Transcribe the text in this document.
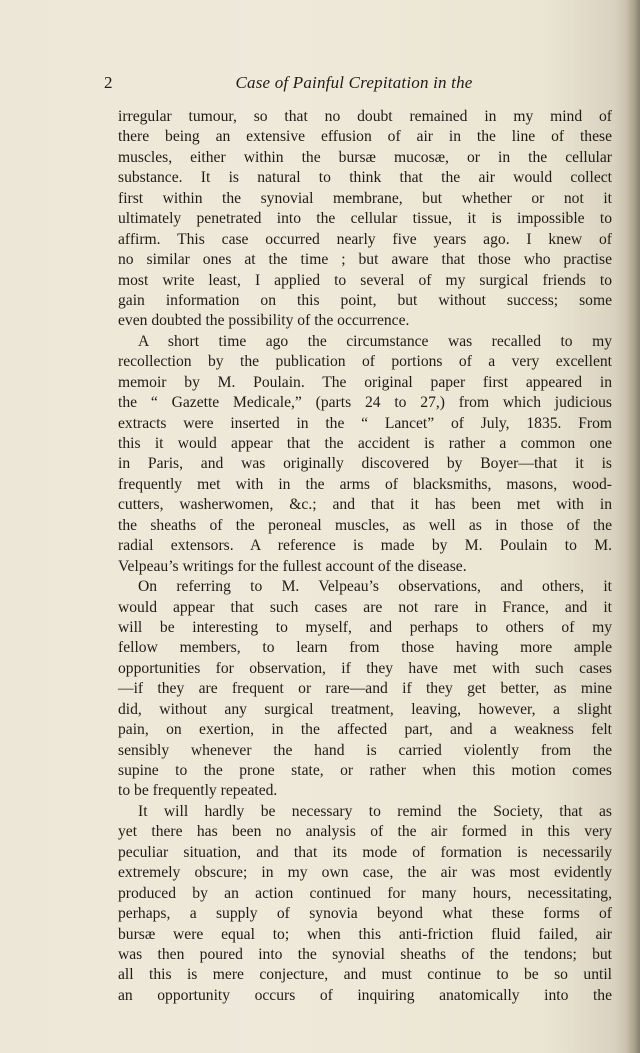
2	Case of Painful Crepitation in the
irregular tumour, so that no doubt remained in my mind of
there being an extensive effusion of air in the line of these
muscles, either within the bursæ mucosæ, or in the cellular
substance. It is natural to think that the air would collect
first within the synovial membrane, but whether or not it
ultimately penetrated into the cellular tissue, it is impossible to
affirm. This case occurred nearly five years ago. I knew of
no similar ones at the time ; but aware that those who practise
most write least, I applied to several of my surgical friends to
gain information on this point, but without success; some
even doubted the possibility of the occurrence.
A short time ago the circumstance was recalled to my
recollection by the publication of portions of a very excellent
memoir by M. Poulain. The original paper first appeared in
the “ Gazette Medicale,” (parts 24 to 27,) from which judicious
extracts were inserted in the “ Lancet” of July, 1835. From
this it would appear that the accident is rather a common one
in Paris, and was originally discovered by Boyer—that it is
frequently met with in the arms of blacksmiths, masons, wood-
cutters, washerwomen, &c.; and that it has been met with in
the sheaths of the peroneal muscles, as well as in those of the
radial extensors. A reference is made by M. Poulain to M.
Velpeau’s writings for the fullest account of the disease.
On referring to M. Velpeau’s observations, and others, it
would appear that such cases are not rare in France, and it
will be interesting to myself, and perhaps to others of my
fellow members, to learn from those having more ample
opportunities for observation, if they have met with such cases
—if they are frequent or rare—and if they get better, as mine
did, without any surgical treatment, leaving, however, a slight
pain, on exertion, in the affected part, and a weakness felt
sensibly whenever the hand is carried violently from the
supine to the prone state, or rather when this motion comes
to be frequently repeated.
It will hardly be necessary to remind the Society, that as
yet there has been no analysis of the air formed in this very
peculiar situation, and that its mode of formation is necessarily
extremely obscure; in my own case, the air was most evidently
produced by an action continued for many hours, necessitating,
perhaps, a supply of synovia beyond what these forms of
bursæ were equal to; when this anti-friction fluid failed, air
was then poured into the synovial sheaths of the tendons; but
all this is mere conjecture, and must continue to be so until
an opportunity occurs of inquiring anatomically into the
